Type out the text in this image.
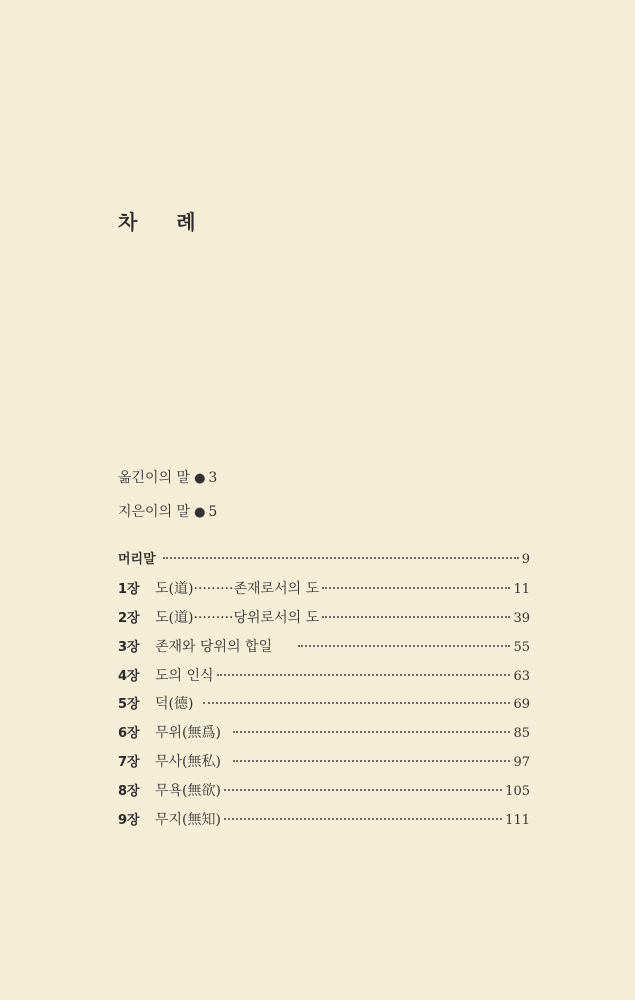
차 례
옮긴이의 말 ● 3
지은이의 말 ● 5
머리말	9
1장	도(道)·········존재로서의 도	11
2장	도(道)·········당위로서의 도	39
3장	존재와 당위의 합일	55
4장	도의 인식	63
5장	덕(德)	69
6장	무위(無爲)	85
7장	무사(無私)	97
8장	무욕(無欲)	105
9장	무지(無知)	111
